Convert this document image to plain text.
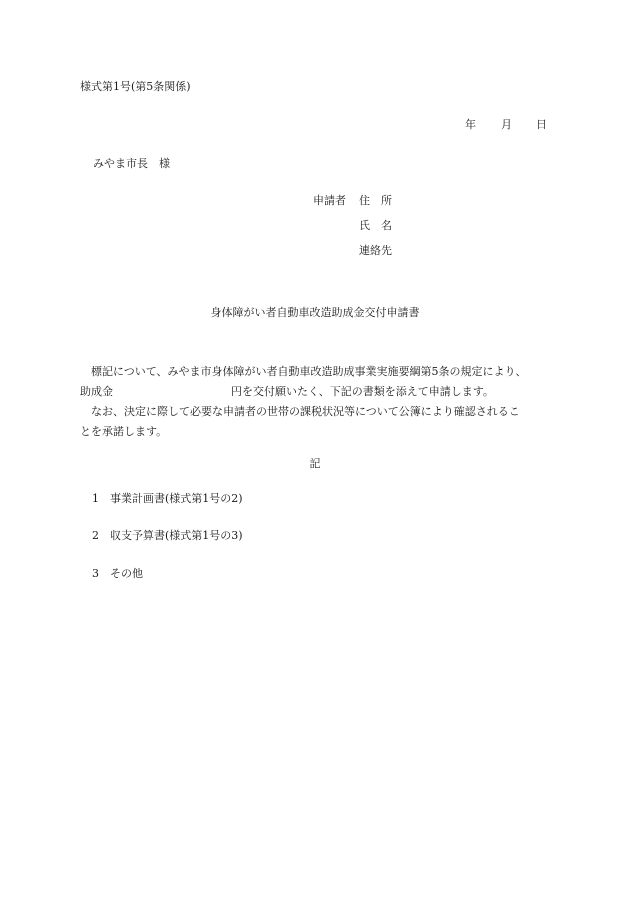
様式第1号(第5条関係)
年 月 日
みやま市長　様
申請者 住　所
氏　名
連絡先
身体障がい者自動車改造助成金交付申請書
標記について、みやま市身体障がい者自動車改造助成事業実施要綱第5条の規定により、
助成金	円を交付願いたく、下記の書類を添えて申請します。
なお、決定に際して必要な申請者の世帯の課税状況等について公簿により確認されるこ
とを承諾します。
記
1 事業計画書(様式第1号の2)
2 収支予算書(様式第1号の3)
3 その他
